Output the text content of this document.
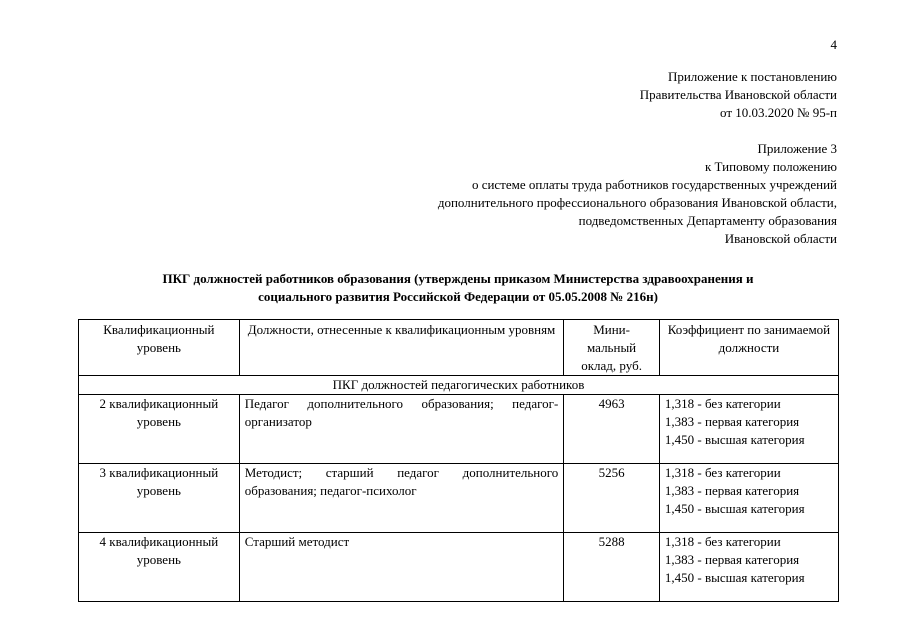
4
Приложение к постановлению
Правительства Ивановской области
от 10.03.2020 № 95-п
Приложение 3
к Типовому положению
о системе оплаты труда работников государственных учреждений
дополнительного профессионального образования Ивановской области,
подведомственных Департаменту образования
Ивановской области
ПКГ должностей работников образования (утверждены приказом Министерства здравоохранения и
социального развития Российской Федерации от 05.05.2008 № 216н)
Квалификационный уровень	Должности, отнесенные к квалификационным уровням	Мини- мальный оклад, руб.	Коэффициент по занимаемой должности
ПКГ должностей педагогических работников			
2 квалификационный уровень	Педагог дополнительного образования; педагог-организатор	4963	1,318 - без категории
1,383 - первая категория
1,450 - высшая категория

3 квалификационный уровень	Методист; старший педагог дополнительного образования; педагог-психолог	5256	1,318 - без категории
1,383 - первая категория
1,450 - высшая категория

4 квалификационный уровень	Старший методист	5288	1,318 - без категории
1,383 - первая категория
1,450 - высшая категория
